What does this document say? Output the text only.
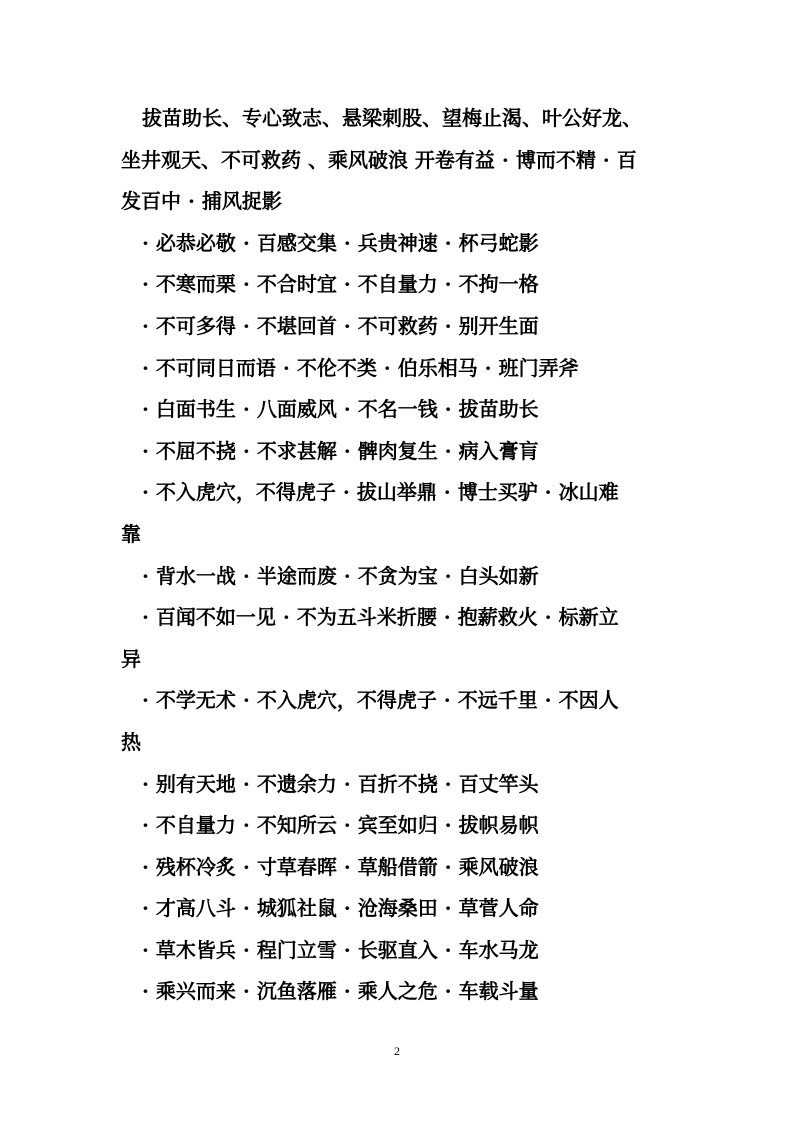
拔苗助长、专心致志、悬梁刺股、望梅止渴、叶公好龙、
坐井观天、不可救药 、乘风破浪 开卷有益 · 博而不精 · 百
发百中 · 捕风捉影
· 必恭必敬 · 百感交集 · 兵贵神速 · 杯弓蛇影
· 不寒而栗 · 不合时宜 · 不自量力 · 不拘一格
· 不可多得 · 不堪回首 · 不可救药 · 别开生面
· 不可同日而语 · 不伦不类 · 伯乐相马 · 班门弄斧
· 白面书生 · 八面威风 · 不名一钱 · 拔苗助长
· 不屈不挠 · 不求甚解 · 髀肉复生 · 病入膏肓
· 不入虎穴，不得虎子 · 拔山举鼎 · 博士买驴 · 冰山难
靠
· 背水一战 · 半途而废 · 不贪为宝 · 白头如新
· 百闻不如一见 · 不为五斗米折腰 · 抱薪救火 · 标新立
异
· 不学无术 · 不入虎穴，不得虎子 · 不远千里 · 不因人
热
· 别有天地 · 不遗余力 · 百折不挠 · 百丈竿头
· 不自量力 · 不知所云 · 宾至如归 · 拔帜易帜
· 残杯冷炙 · 寸草春晖 · 草船借箭 · 乘风破浪
· 才高八斗 · 城狐社鼠 · 沧海桑田 · 草菅人命
· 草木皆兵 · 程门立雪 · 长驱直入 · 车水马龙
· 乘兴而来 · 沉鱼落雁 · 乘人之危 · 车载斗量
2
